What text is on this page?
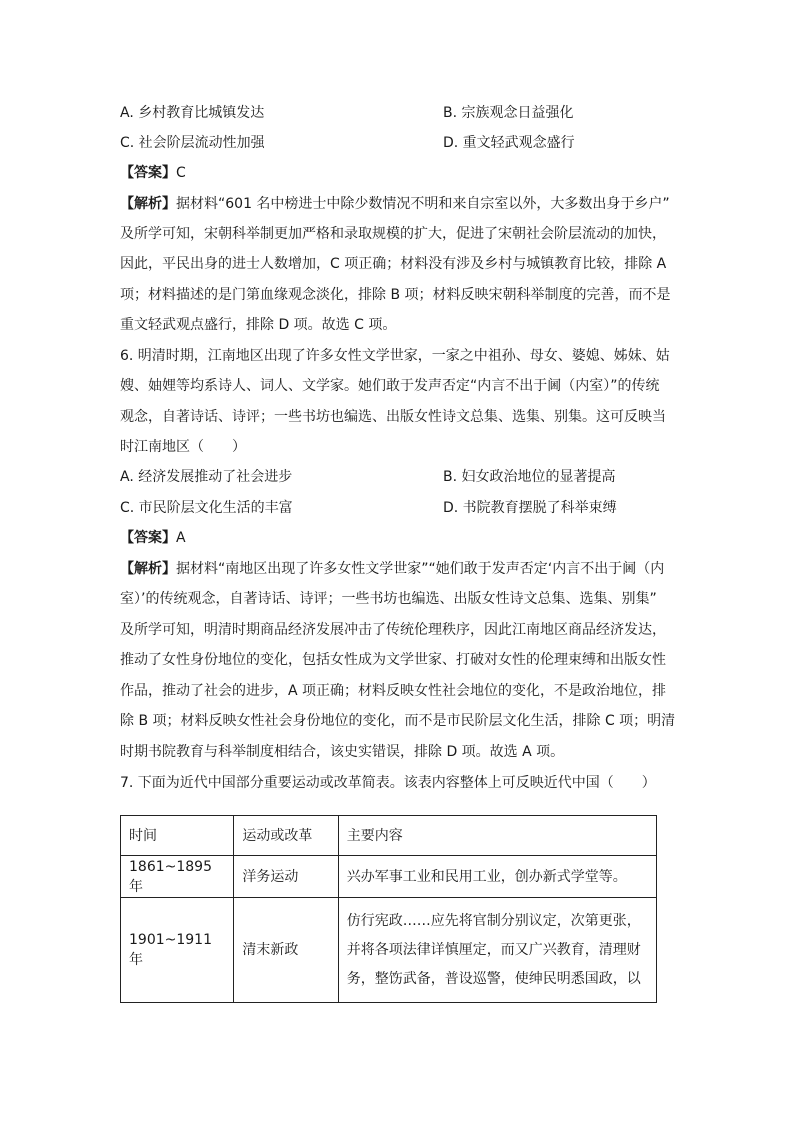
A. 乡村教育比城镇发达	B. 宗族观念日益强化
C. 社会阶层流动性加强	D. 重文轻武观念盛行
【答案】C
【解析】据材料“601 名中榜进士中除少数情况不明和来自宗室以外，大多数出身于乡户”
及所学可知，宋朝科举制更加严格和录取规模的扩大，促进了宋朝社会阶层流动的加快，
因此，平民出身的进士人数增加，C 项正确；材料没有涉及乡村与城镇教育比较，排除 A
项；材料描述的是门第血缘观念淡化，排除 B 项；材料反映宋朝科举制度的完善，而不是
重文轻武观点盛行，排除 D 项。故选 C 项。
6. 明清时期，江南地区出现了许多女性文学世家，一家之中祖孙、母女、婆媳、姊妹、姑
嫂、妯娌等均系诗人、词人、文学家。她们敢于发声否定“内言不出于阃（内室）”的传统
观念，自著诗话、诗评；一些书坊也编选、出版女性诗文总集、选集、别集。这可反映当
时江南地区（　　）
A. 经济发展推动了社会进步	B. 妇女政治地位的显著提高
C. 市民阶层文化生活的丰富	D. 书院教育摆脱了科举束缚
【答案】A
【解析】据材料“南地区出现了许多女性文学世家”“她们敢于发声否定‘内言不出于阃（内
室）’的传统观念，自著诗话、诗评；一些书坊也编选、出版女性诗文总集、选集、别集”
及所学可知，明清时期商品经济发展冲击了传统伦理秩序，因此江南地区商品经济发达，
推动了女性身份地位的变化，包括女性成为文学世家、打破对女性的伦理束缚和出版女性
作品，推动了社会的进步，A 项正确；材料反映女性社会地位的变化，不是政治地位，排
除 B 项；材料反映女性社会身份地位的变化，而不是市民阶层文化生活，排除 C 项；明清
时期书院教育与科举制度相结合，该史实错误，排除 D 项。故选 A 项。
7. 下面为近代中国部分重要运动或改革简表。该表内容整体上可反映近代中国（　　）
时间	运动或改革	主要内容
1861~1895 年	洋务运动	兴办军事工业和民用工业，创办新式学堂等。
1901~1911 年	清末新政	仿行宪政……应先将官制分别议定，次第更张，
并将各项法律详慎厘定，而又广兴教育，清理财
务，整饬武备，普设巡警，使绅民明悉国政，以
